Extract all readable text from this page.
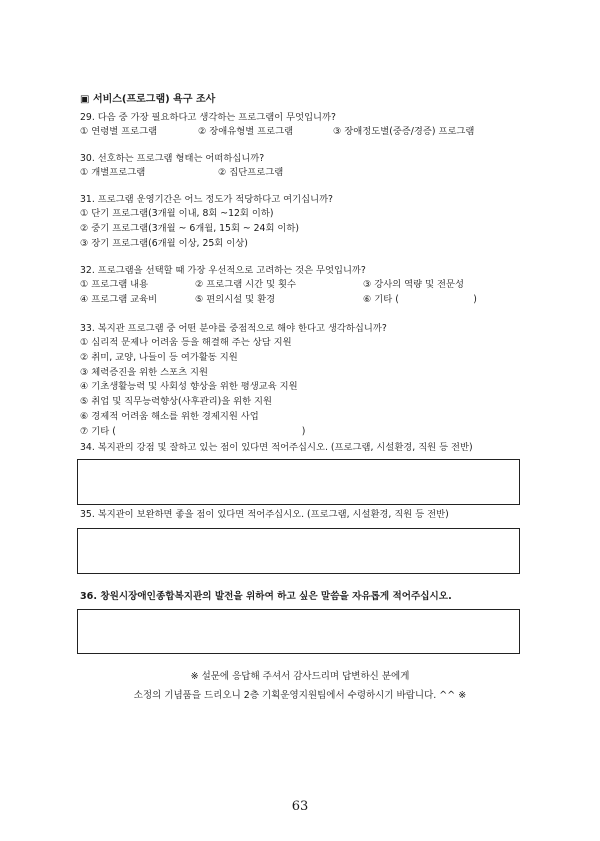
▣ 서비스(프로그램) 욕구 조사
29. 다음 중 가장 필요하다고 생각하는 프로그램이 무엇입니까?
① 연령별 프로그램	② 장애유형별 프로그램	③ 장애정도별(중증/경증) 프로그램
30. 선호하는 프로그램 형태는 어떠하십니까?
① 개별프로그램	② 집단프로그램
31. 프로그램 운영기간은 어느 정도가 적당하다고 여기십니까?
① 단기 프로그램(3개월 이내, 8회 ~12회 이하)
② 중기 프로그램(3개월 ~ 6개월, 15회 ~ 24회 이하)
③ 장기 프로그램(6개월 이상, 25회 이상)
32. 프로그램을 선택할 때 가장 우선적으로 고려하는 것은 무엇입니까?
① 프로그램 내용	② 프로그램 시간 및 횟수	③ 강사의 역량 및 전문성
④ 프로그램 교육비	⑤ 편의시설 및 환경	⑥ 기타 (　　　　　　　　)
33. 복지관 프로그램 중 어떤 분야를 중점적으로 해야 한다고 생각하십니까?
① 심리적 문제나 어려움 등을 해결해 주는 상담 지원
② 취미, 교양, 나들이 등 여가활동 지원
③ 체력증진을 위한 스포츠 지원
④ 기초생활능력 및 사회성 향상을 위한 평생교육 지원
⑤ 취업 및 직무능력향상(사후관리)을 위한 지원
⑥ 경제적 어려움 해소를 위한 경제지원 사업
⑦ 기타 (　　　　　　　　　　　　　　　　　　　　)
34. 복지관의 강점 및 잘하고 있는 점이 있다면 적어주십시오. (프로그램, 시설환경, 직원 등 전반)
35. 복지관이 보완하면 좋을 점이 있다면 적어주십시오. (프로그램, 시설환경, 직원 등 전반)
36. 창원시장애인종합복지관의 발전을 위하여 하고 싶은 말씀을 자유롭게 적어주십시오.
※ 설문에 응답해 주셔서 감사드리며 답변하신 분에게
소정의 기념품을 드리오니 2층 기획운영지원팀에서 수령하시기 바랍니다. ^^ ※
63
